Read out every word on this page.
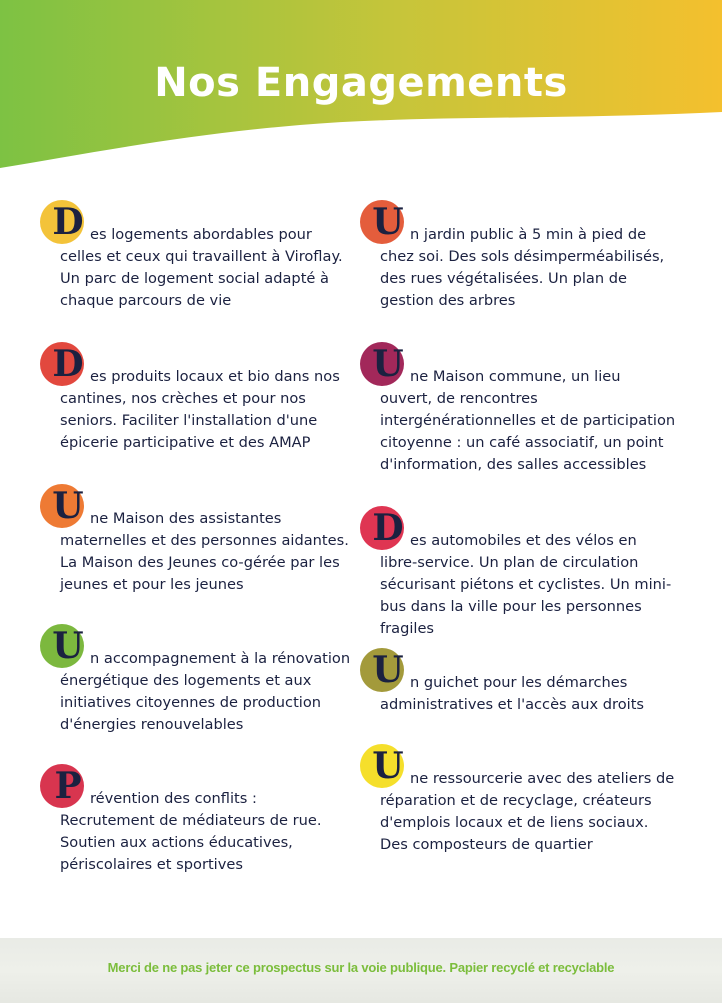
Nos Engagements
D es logements abordables pour celles et ceux qui travaillent à Viroflay. Un parc de logement social adapté à chaque parcours de vie

D es produits locaux et bio dans nos cantines, nos crèches et pour nos seniors. Faciliter l'installation d'une épicerie participative et des AMAP

U ne Maison des assistantes maternelles et des personnes aidantes. La Maison des Jeunes co-gérée par les jeunes et pour les jeunes

U n accompagnement à la rénovation énergétique des logements et aux initiatives citoyennes de production d'énergies renouvelables

P révention des conflits : Recrutement de médiateurs de rue. Soutien aux actions éducatives, périscolaires et sportives

U n jardin public à 5 min à pied de chez soi. Des sols désimperméabilisés, des rues végétalisées. Un plan de gestion des arbres

U ne Maison commune, un lieu ouvert, de rencontres intergénérationnelles et de participation citoyenne : un café associatif, un point d'information, des salles accessibles

D es automobiles et des vélos en libre-service. Un plan de circulation sécurisant piétons et cyclistes. Un mini-bus dans la ville pour les personnes fragiles

U n guichet pour les démarches administratives et l'accès aux droits

U ne ressourcerie avec des ateliers de réparation et de recyclage, créateurs d'emplois locaux et de liens sociaux. Des composteurs de quartier

Merci de ne pas jeter ce prospectus sur la voie publique. Papier recyclé et recyclable
